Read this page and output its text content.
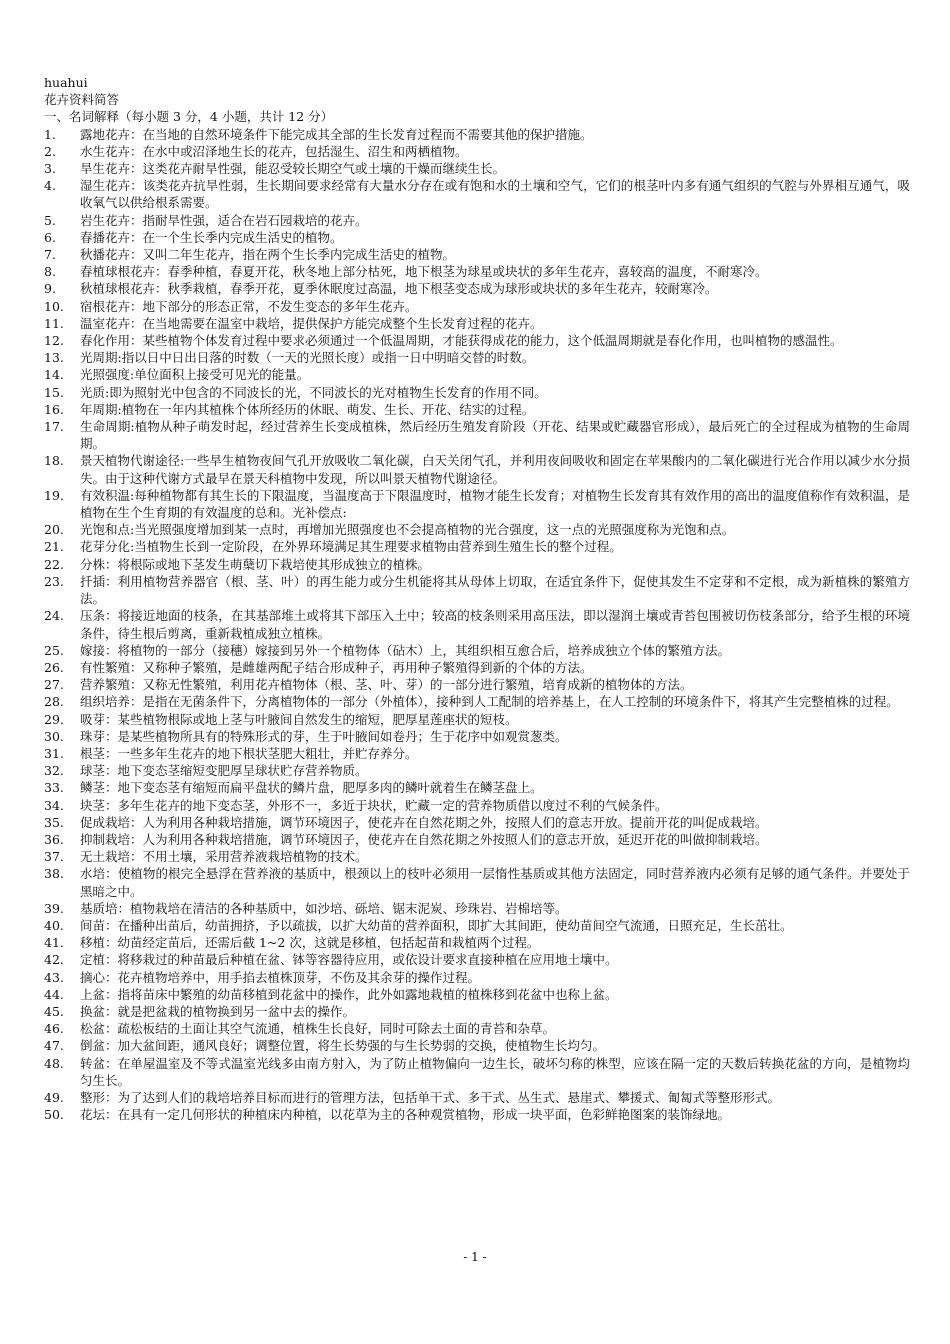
huahui
花卉资料简答
一、名词解释（每小题 3 分，4 小题，共计 12 分）
1.	露地花卉：在当地的自然环境条件下能完成其全部的生长发育过程而不需要其他的保护措施。
2.	水生花卉：在水中或沼泽地生长的花卉，包括湿生、沼生和两栖植物。
3.	旱生花卉：这类花卉耐旱性强，能忍受较长期空气或土壤的干燥而继续生长。
4.	湿生花卉：该类花卉抗旱性弱，生长期间要求经常有大量水分存在或有饱和水的土壤和空气，它们的根茎叶内多有通气组织的气腔与外界相互通气，吸收氧气以供给根系需要。
5.	岩生花卉：指耐旱性强，适合在岩石园栽培的花卉。
6.	春播花卉：在一个生长季内完成生活史的植物。
7.	秋播花卉：又叫二年生花卉，指在两个生长季内完成生活史的植物。
8.	春植球根花卉：春季种植，春夏开花，秋冬地上部分枯死，地下根茎为球星或块状的多年生花卉，喜较高的温度，不耐寒冷。
9.	秋植球根花卉：秋季栽植，春季开花，夏季休眠度过高温，地下根茎变态成为球形或块状的多年生花卉，较耐寒冷。
10.	宿根花卉：地下部分的形态正常，不发生变态的多年生花卉。
11.	温室花卉：在当地需要在温室中栽培，提供保护方能完成整个生长发育过程的花卉。
12.	春化作用：某些植物个体发育过程中要求必须通过一个低温周期，才能获得成花的能力，这个低温周期就是春化作用，也叫植物的感温性。
13.	光周期:指以日中日出日落的时数（一天的光照长度）或指一日中明暗交替的时数。
14.	光照强度:单位面积上接受可见光的能量。
15.	光质:即为照射光中包含的不同波长的光，不同波长的光对植物生长发育的作用不同。
16.	年周期:植物在一年内其植株个体所经历的休眠、萌发、生长、开花、结实的过程。
17.	生命周期:植物从种子萌发时起，经过营养生长变成植株，然后经历生殖发育阶段（开花、结果或贮藏器官形成），最后死亡的全过程成为植物的生命周期。
18.	景天植物代谢途径:一些旱生植物夜间气孔开放吸收二氧化碳，白天关闭气孔，并利用夜间吸收和固定在苹果酸内的二氧化碳进行光合作用以减少水分损失。由于这种代谢方式最早在景天科植物中发现，所以叫景天植物代谢途径。
19.	有效积温:每种植物都有其生长的下限温度，当温度高于下限温度时，植物才能生长发育；对植物生长发育其有效作用的高出的温度值称作有效积温，是植物在生个生育期的有效温度的总和。光补偿点:
20.	光饱和点:当光照强度增加到某一点时，再增加光照强度也不会提高植物的光合强度，这一点的光照强度称为光饱和点。
21.	花芽分化:当植物生长到一定阶段，在外界环境满足其生理要求植物由营养到生殖生长的整个过程。
22.	分株：将根际或地下茎发生萌蘖切下栽培使其形成独立的植株。
23.	扦插：利用植物营养器官（根、茎、叶）的再生能力或分生机能将其从母体上切取，在适宜条件下，促使其发生不定芽和不定根，成为新植株的繁殖方法。
24.	压条：将接近地面的枝条，在其基部堆土或将其下部压入土中；较高的枝条则采用高压法，即以湿润土壤或青苔包围被切伤枝条部分，给予生根的环境条件，待生根后剪离，重新栽植成独立植株。
25.	嫁接：将植物的一部分（接穗）嫁接到另外一个植物体（砧木）上，其组织相互愈合后，培养成独立个体的繁殖方法。
26.	有性繁殖：又称种子繁殖，是雌雄两配子结合形成种子，再用种子繁殖得到新的个体的方法。
27.	营养繁殖：又称无性繁殖，利用花卉植物体（根、茎、叶、芽）的一部分进行繁殖，培育成新的植物体的方法。
28.	组织培养：是指在无菌条件下，分离植物体的一部分（外植体），接种到人工配制的培养基上，在人工控制的环境条件下，将其产生完整植株的过程。
29.	吸芽：某些植物根际或地上茎与叶腋间自然发生的缩短，肥厚星莲座状的短枝。
30.	珠芽：是某些植物所具有的特殊形式的芽，生于叶腋间如卷丹；生于花序中如观赏葱类。
31.	根茎：一些多年生花卉的地下根状茎肥大粗壮，并贮存养分。
32.	球茎：地下变态茎缩短变肥厚呈球状贮存营养物质。
33.	鳞茎：地下变态茎有缩短而扁平盘状的鳞片盘，肥厚多肉的鳞叶就着生在鳞茎盘上。
34.	块茎：多年生花卉的地下变态茎，外形不一，多近于块状，贮藏一定的营养物质借以度过不利的气候条件。
35.	促成栽培：人为利用各种栽培措施，调节环境因子，使花卉在自然花期之外，按照人们的意志开放。提前开花的叫促成栽培。
36.	抑制栽培：人为利用各种栽培措施，调节环境因子，使花卉在自然花期之外按照人们的意志开放，延迟开花的叫做抑制栽培。
37.	无土栽培：不用土壤，采用营养液栽培植物的技术。
38.	水培：使植物的根完全悬浮在营养液的基质中，根颈以上的枝叶必须用一层惰性基质或其他方法固定，同时营养液内必须有足够的通气条件。并要处于黑暗之中。
39.	基质培：植物栽培在清洁的各种基质中，如沙培、砾培、锯末泥炭、珍珠岩、岩棉培等。
40.	间苗：在播种出苗后，幼苗拥挤，予以疏拔，以扩大幼苗的营养面积，即扩大其间距，使幼苗间空气流通，日照充足，生长茁壮。
41.	移植：幼苗经定苗后，还需后截 1~2 次，这就是移植，包括起苗和栽植两个过程。
42.	定植：将移栽过的种苗最后种植在盆、钵等容器待应用，或依设计要求直接种植在应用地土壤中。
43.	摘心：花卉植物培养中，用手掐去植株顶芽，不伤及其余芽的操作过程。
44.	上盆：指将苗床中繁殖的幼苗移植到花盆中的操作，此外如露地栽植的植株移到花盆中也称上盆。
45.	换盆：就是把盆栽的植物换到另一盆中去的操作。
46.	松盆：疏松板结的土面让其空气流通，植株生长良好，同时可除去土面的青苔和杂草。
47.	倒盆：加大盆间距，通风良好；调整位置，将生长势强的与生长势弱的交换，使植物生长均匀。
48.	转盆：在单屋温室及不等式温室光线多由南方射入，为了防止植物偏向一边生长，破坏匀称的株型，应该在隔一定的天数后转换花盆的方向，是植物均匀生长。
49.	整形：为了达到人们的栽培培养目标而进行的管理方法，包括单干式、多干式、丛生式、悬崖式、攀援式、匍匐式等整形形式。
50.	花坛：在具有一定几何形状的种植床内种植，以花草为主的各种观赏植物，形成一块平面，色彩鲜艳图案的装饰绿地。
- 1 -
